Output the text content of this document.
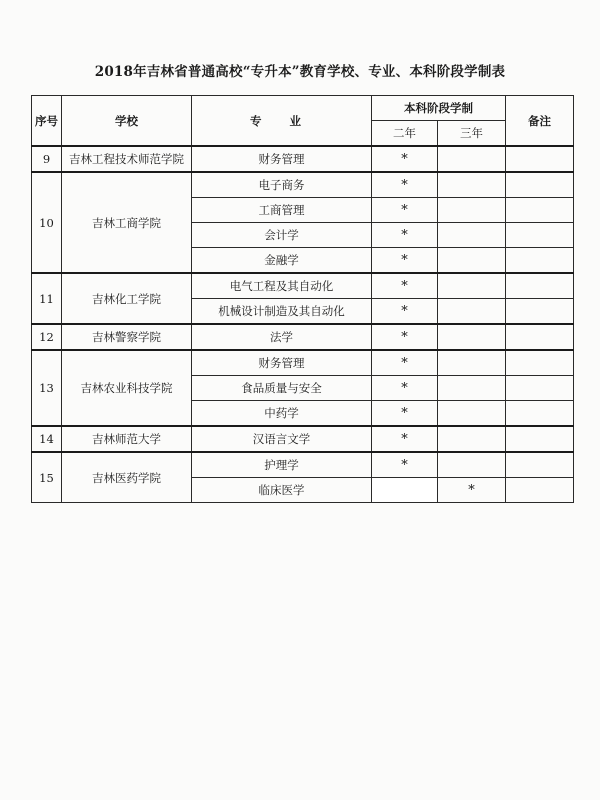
2018年吉林省普通高校“专升本”教育学校、专业、本科阶段学制表
序号	学校	专 业	本科阶段学制		备注
			二年	三年	
9	吉林工程技术师范学院	财务管理	*		
10	吉林工商学院	电子商务	*		
		工商管理	*		
		会计学	*		
		金融学	*		
11	吉林化工学院	电气工程及其自动化	*		
		机械设计制造及其自动化	*		
12	吉林警察学院	法学	*		
13	吉林农业科技学院	财务管理	*		
		食品质量与安全	*		
		中药学	*		
14	吉林师范大学	汉语言文学	*		
15	吉林医药学院	护理学	*		
		临床医学		*	
